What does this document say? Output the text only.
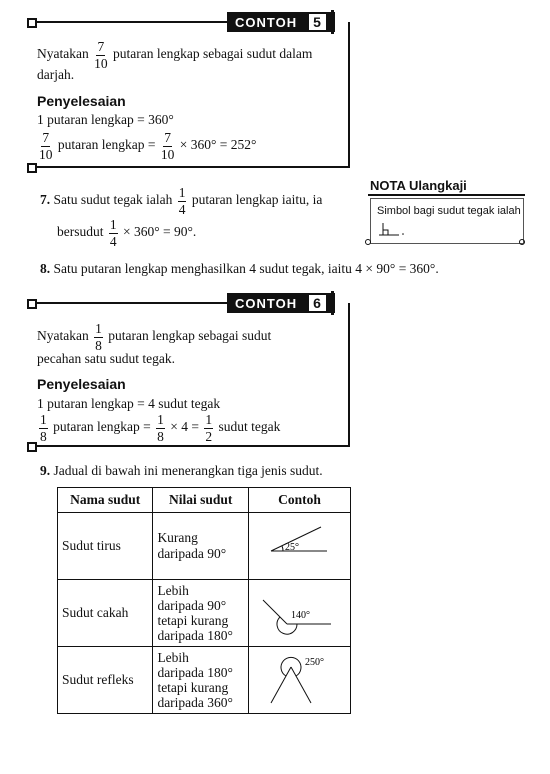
CONTOH	5
Nyatakan $\frac{7}{10}$ putaran lengkap sebagai sudut dalam
darjah.
Penyelesaian
1 putaran lengkap = 360°
$\frac{7}{10}$ putaran lengkap = $\frac{7}{10} \times 360^\circ = 252^\circ$
7. Satu sudut tegak ialah $\frac{1}{4}$ putaran lengkap iaitu, ia
bersudut $\frac{1}{4} \times 360^\circ = 90^\circ$.
NOTA Ulangkaji
Simbol bagi sudut tegak ialah
8. Satu putaran lengkap menghasilkan 4 sudut tegak, iaitu 4 × 90° = 360°.
CONTOH	6
Nyatakan $\frac{1}{8}$ putaran lengkap sebagai sudut
pecahan satu sudut tegak.
Penyelesaian
1 putaran lengkap = 4 sudut tegak
$\frac{1}{8}$ putaran lengkap = $\frac{1}{8} \times 4 = \frac{1}{2}$ sudut tegak
9. Jadual di bawah ini menerangkan tiga jenis sudut.
Nama sudut	Nilai sudut	Contoh
Sudut tirus	Kurang
daripada 90°	25°

Sudut cakah	Lebih
daripada 90°
tetapi kurang
daripada 180°	140°

Sudut refleks	Lebih
daripada 180°
tetapi kurang
daripada 360°	250°
